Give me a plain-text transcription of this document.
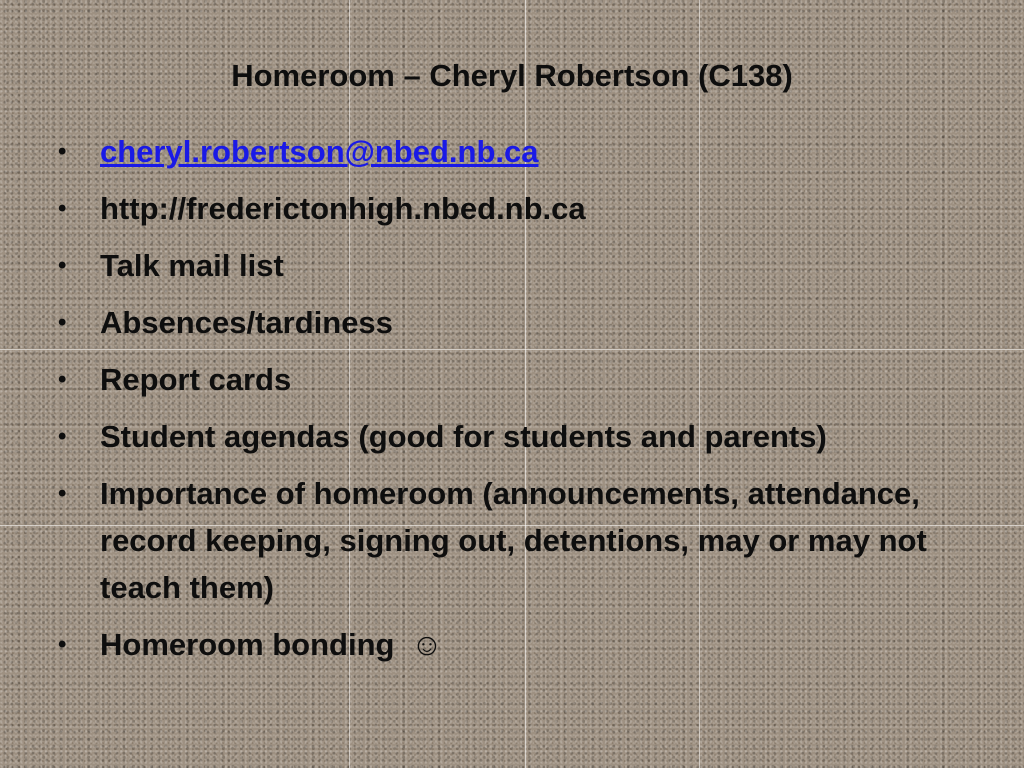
Homeroom – Cheryl Robertson (C138)
• cheryl.robertson@nbed.nb.ca
• http://frederictonhigh.nbed.nb.ca
• Talk mail list
• Absences/tardiness
• Report cards
• Student agendas (good for students and parents)
• Importance of homeroom (announcements, attendance, record keeping, signing out, detentions, may or may not teach them)
• Homeroom bonding ☺
